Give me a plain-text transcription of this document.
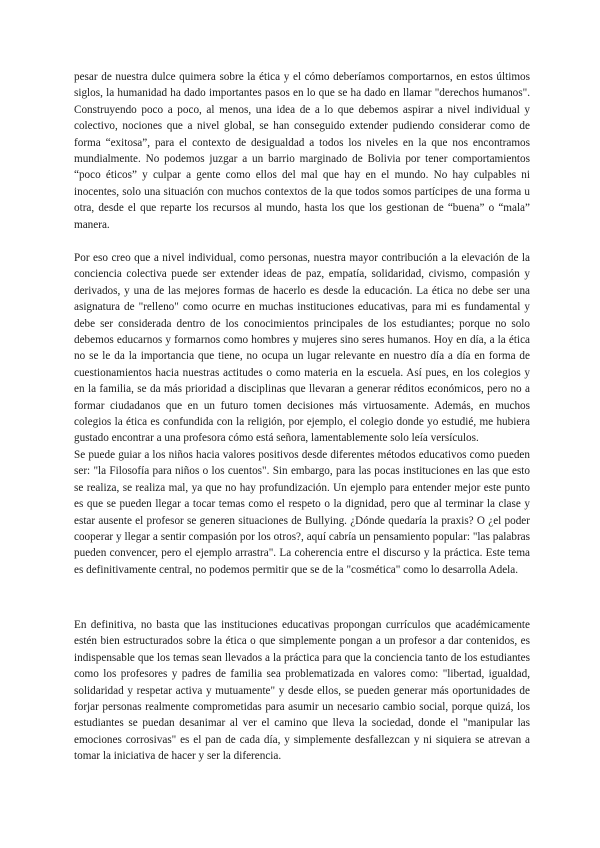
pesar de nuestra dulce quimera sobre la ética y el cómo deberíamos comportarnos, en estos últimos siglos, la humanidad ha dado importantes pasos en lo que se ha dado en llamar "derechos humanos". Construyendo poco a poco, al menos, una idea de a lo que debemos aspirar a nivel individual y colectivo, nociones que a nivel global, se han conseguido extender pudiendo considerar como de forma “exitosa”, para el contexto de desigualdad a todos los niveles en la que nos encontramos mundialmente. No podemos juzgar a un barrio marginado de Bolivia por tener comportamientos “poco éticos” y culpar a gente como ellos del mal que hay en el mundo. No hay culpables ni inocentes, solo una situación con muchos contextos de la que todos somos partícipes de una forma u otra, desde el que reparte los recursos al mundo, hasta los que los gestionan de “buena” o “mala” manera.

Por eso creo que a nivel individual, como personas, nuestra mayor contribución a la elevación de la conciencia colectiva puede ser extender ideas de paz, empatía, solidaridad, civismo, compasión y derivados, y una de las mejores formas de hacerlo es desde la educación. La ética no debe ser una asignatura de "relleno" como ocurre en muchas instituciones educativas, para mi es fundamental y debe ser considerada dentro de los conocimientos principales de los estudiantes; porque no solo debemos educarnos y formarnos como hombres y mujeres sino seres humanos. Hoy en día, a la ética no se le da la importancia que tiene, no ocupa un lugar relevante en nuestro día a día en forma de cuestionamientos hacia nuestras actitudes o como materia en la escuela. Así pues, en los colegios y en la familia, se da más prioridad a disciplinas que llevaran a generar réditos económicos, pero no a formar ciudadanos que en un futuro tomen decisiones más virtuosamente. Además, en muchos colegios la ética es confundida con la religión, por ejemplo, el colegio donde yo estudié, me hubiera gustado encontrar a una profesora cómo está señora, lamentablemente solo leía versículos.

Se puede guiar a los niños hacia valores positivos desde diferentes métodos educativos como pueden ser: "la Filosofía para niños o los cuentos". Sin embargo, para las pocas instituciones en las que esto se realiza, se realiza mal, ya que no hay profundización. Un ejemplo para entender mejor este punto es que se pueden llegar a tocar temas como el respeto o la dignidad, pero que al terminar la clase y estar ausente el profesor se generen situaciones de Bullying. ¿Dónde quedaría la praxis? O ¿el poder cooperar y llegar a sentir compasión por los otros?, aquí cabría un pensamiento popular: "las palabras pueden convencer, pero el ejemplo arrastra". La coherencia entre el discurso y la práctica. Este tema es definitivamente central, no podemos permitir que se de la "cosmética" como lo desarrolla Adela.

En definitiva, no basta que las instituciones educativas propongan currículos que académicamente estén bien estructurados sobre la ética o que simplemente pongan a un profesor a dar contenidos, es indispensable que los temas sean llevados a la práctica para que la conciencia tanto de los estudiantes como los profesores y padres de familia sea problematizada en valores como: "libertad, igualdad, solidaridad y respetar activa y mutuamente" y desde ellos, se pueden generar más oportunidades de forjar personas realmente comprometidas para asumir un necesario cambio social, porque quizá, los estudiantes se puedan desanimar al ver el camino que lleva la sociedad, donde el "manipular las emociones corrosivas" es el pan de cada día, y simplemente desfallezcan y ni siquiera se atrevan a tomar la iniciativa de hacer y ser la diferencia.
